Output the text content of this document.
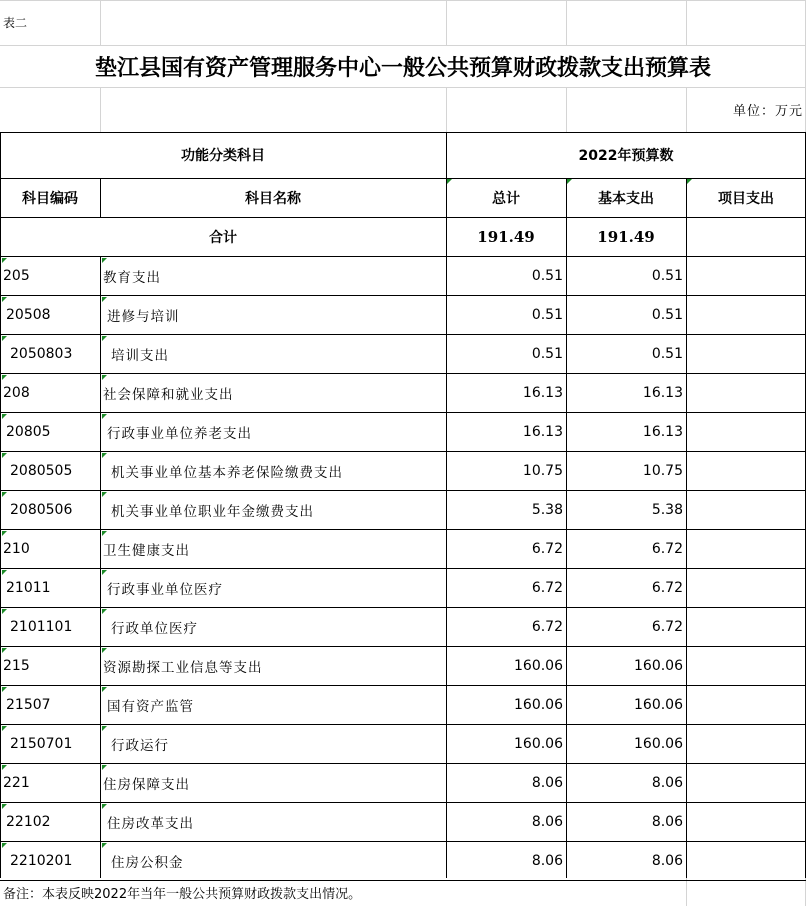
表二
垫江县国有资产管理服务中心一般公共预算财政拨款支出预算表
单位：万元
功能分类科目	2022年预算数
科目编码	科目名称	总计	基本支出	项目支出
合计	191.49	191.49
205	教育支出	0.51	0.51
20508	进修与培训	0.51	0.51
2050803	培训支出	0.51	0.51
208	社会保障和就业支出	16.13	16.13
20805	行政事业单位养老支出	16.13	16.13
2080505	机关事业单位基本养老保险缴费支出	10.75	10.75
2080506	机关事业单位职业年金缴费支出	5.38	5.38
210	卫生健康支出	6.72	6.72
21011	行政事业单位医疗	6.72	6.72
2101101	行政单位医疗	6.72	6.72
215	资源勘探工业信息等支出	160.06	160.06
21507	国有资产监管	160.06	160.06
2150701	行政运行	160.06	160.06
221	住房保障支出	8.06	8.06
22102	住房改革支出	8.06	8.06
2210201	住房公积金	8.06	8.06
备注：本表反映2022年当年一般公共预算财政拨款支出情况。
